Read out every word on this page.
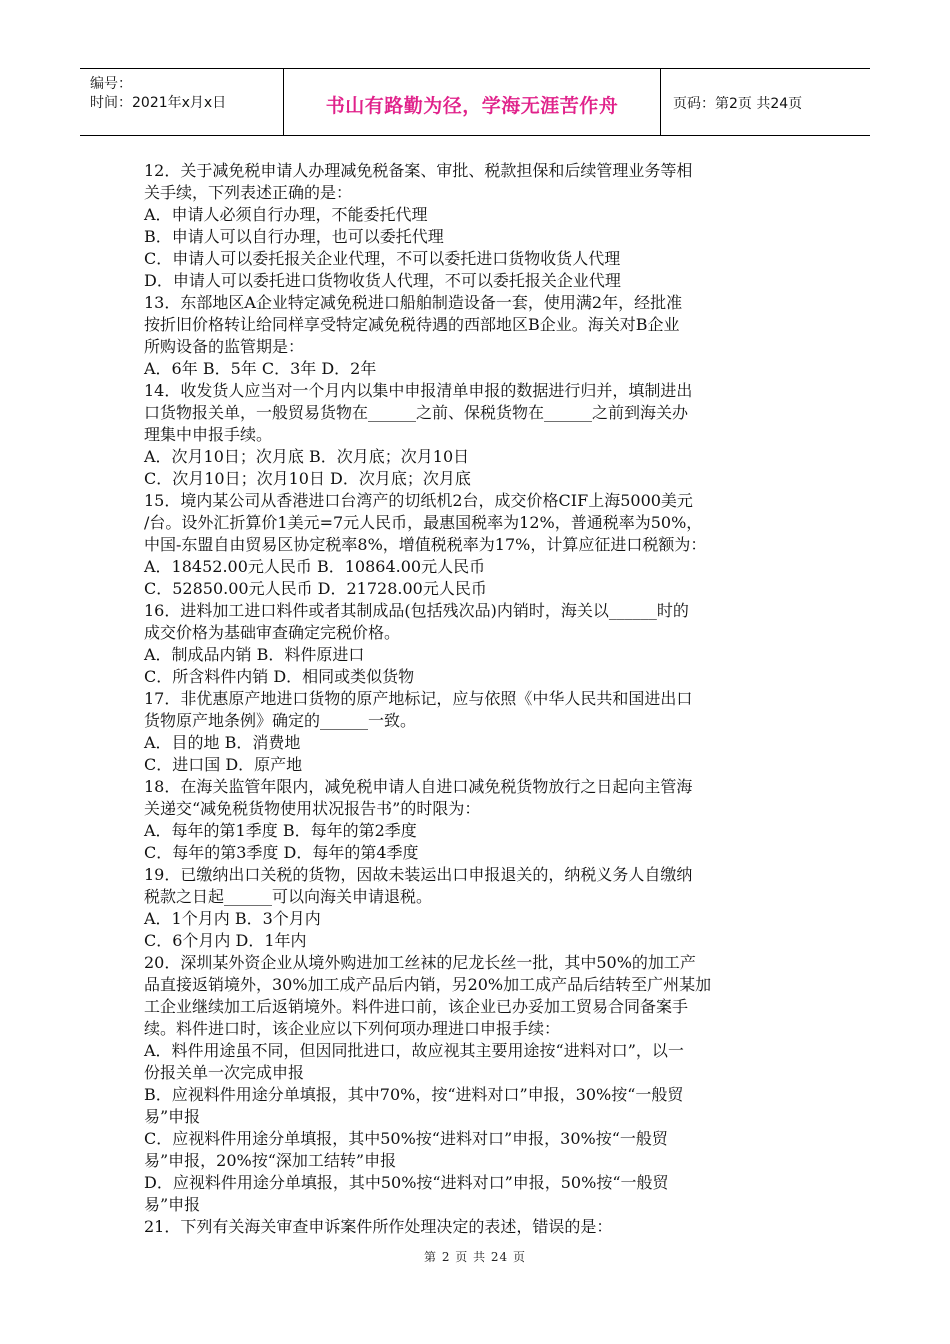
编号：
时间：2021年x月x日	书山有路勤为径，学海无涯苦作舟	页码：第2页 共24页
12．关于减免税申请人办理减免税备案、审批、税款担保和后续管理业务等相
关手续，下列表述正确的是：
A．申请人必须自行办理，不能委托代理
B．申请人可以自行办理，也可以委托代理
C．申请人可以委托报关企业代理，不可以委托进口货物收货人代理
D．申请人可以委托进口货物收货人代理，不可以委托报关企业代理
13．东部地区A企业特定减免税进口船舶制造设备一套，使用满2年，经批准
按折旧价格转让给同样享受特定减免税待遇的西部地区B企业。海关对B企业
所购设备的监管期是：
A．6年 B．5年 C．3年 D．2年
14．收发货人应当对一个月内以集中申报清单申报的数据进行归并，填制进出
口货物报关单，一般贸易货物在______之前、保税货物在______之前到海关办
理集中申报手续。
A．次月10日；次月底 B．次月底；次月10日
C．次月10日；次月10日 D．次月底；次月底
15．境内某公司从香港进口台湾产的切纸机2台，成交价格CIF上海5000美元
/台。设外汇折算价1美元=7元人民币，最惠国税率为12%，普通税率为50%，
中国-东盟自由贸易区协定税率8%，增值税税率为17%，计算应征进口税额为：
A．18452.00元人民币 B．10864.00元人民币
C．52850.00元人民币 D．21728.00元人民币
16．进料加工进口料件或者其制成品(包括残次品)内销时，海关以______时的
成交价格为基础审查确定完税价格。
A．制成品内销 B．料件原进口
C．所含料件内销 D．相同或类似货物
17．非优惠原产地进口货物的原产地标记，应与依照《中华人民共和国进出口
货物原产地条例》确定的______一致。
A．目的地 B．消费地
C．进口国 D．原产地
18．在海关监管年限内，减免税申请人自进口减免税货物放行之日起向主管海
关递交“减免税货物使用状况报告书”的时限为：
A．每年的第1季度 B．每年的第2季度
C．每年的第3季度 D．每年的第4季度
19．已缴纳出口关税的货物，因故未装运出口申报退关的，纳税义务人自缴纳
税款之日起______可以向海关申请退税。
A．1个月内 B．3个月内
C．6个月内 D．1年内
20．深圳某外资企业从境外购进加工丝袜的尼龙长丝一批，其中50%的加工产
品直接返销境外，30%加工成产品后内销，另20%加工成产品后结转至广州某加
工企业继续加工后返销境外。料件进口前，该企业已办妥加工贸易合同备案手
续。料件进口时，该企业应以下列何项办理进口申报手续：
A．料件用途虽不同，但因同批进口，故应视其主要用途按“进料对口”，以一
份报关单一次完成申报
B．应视料件用途分单填报，其中70%，按“进料对口”申报，30%按“一般贸
易”申报
C．应视料件用途分单填报，其中50%按“进料对口”申报，30%按“一般贸
易”申报，20%按“深加工结转”申报
D．应视料件用途分单填报，其中50%按“进料对口”申报，50%按“一般贸
易”申报
21．下列有关海关审查申诉案件所作处理决定的表述，错误的是：
第 2 页 共 24 页
